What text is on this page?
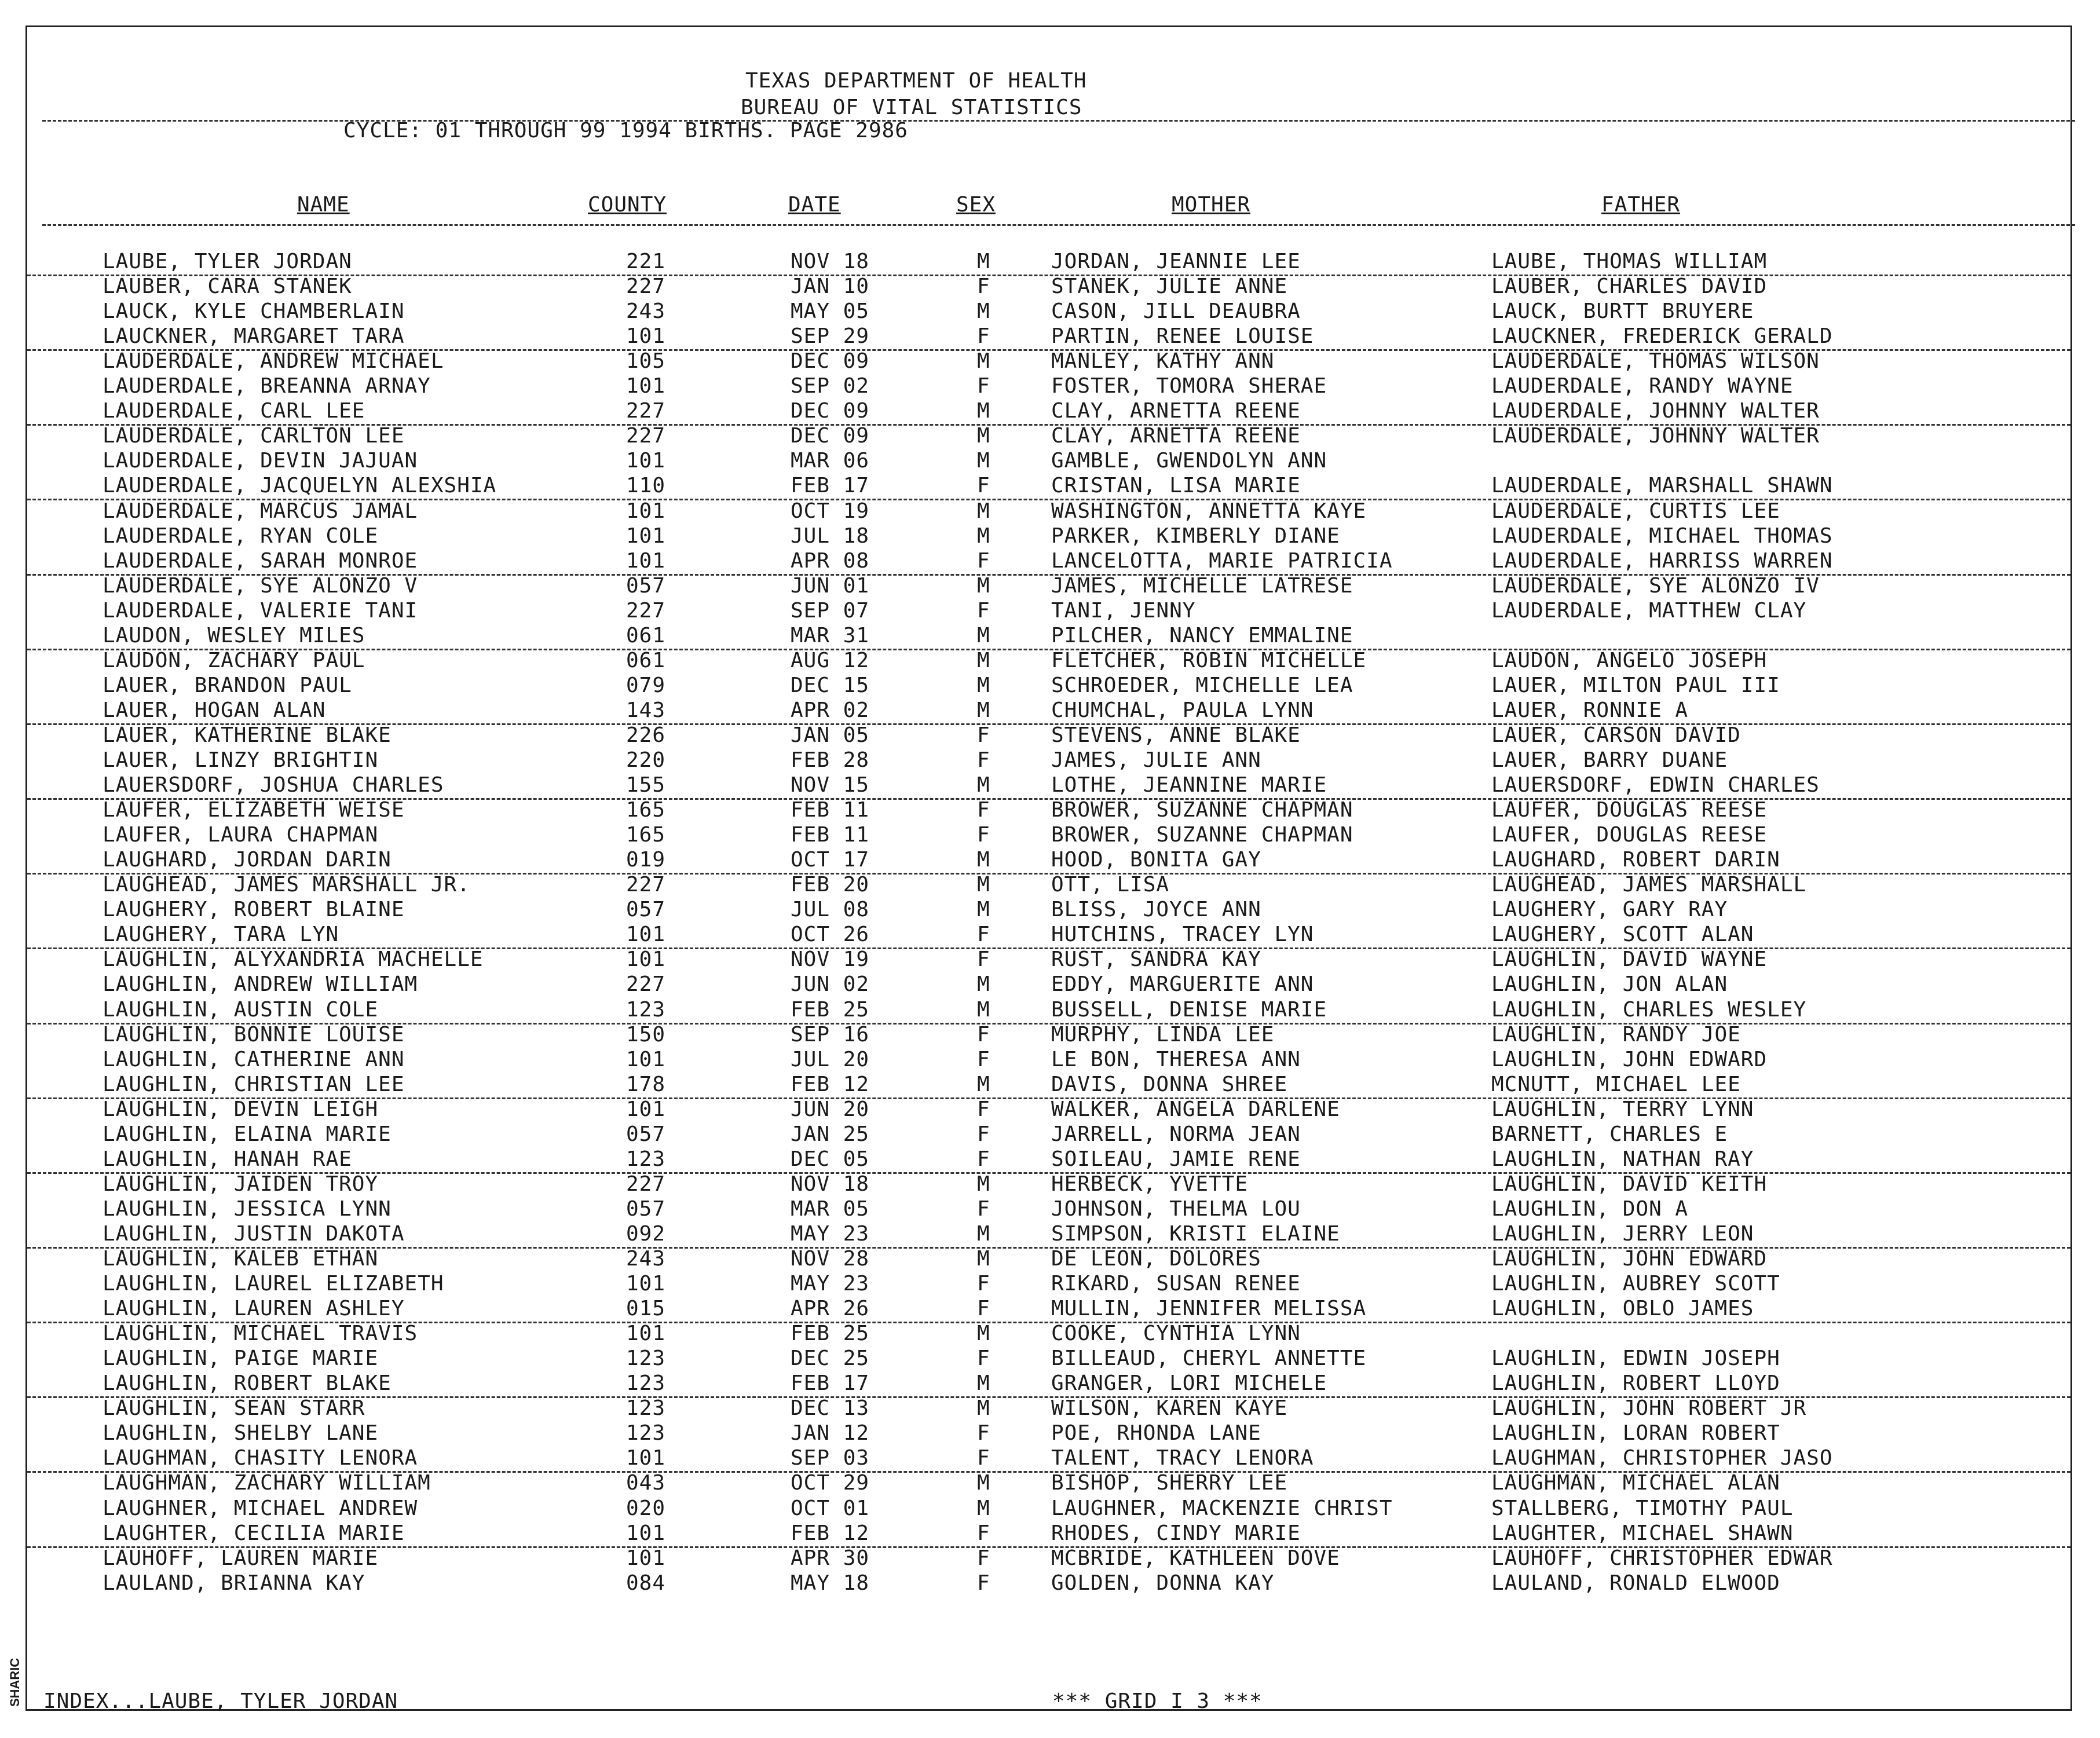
SHARIC
TEXAS DEPARTMENT OF HEALTH
BUREAU OF VITAL STATISTICS
CYCLE: 01 THROUGH 99 1994 BIRTHS. PAGE 2986
NAME	COUNTY	DATE	SEX	MOTHER	FATHER
LAUBE, TYLER JORDAN	221	NOV 18	M	JORDAN, JEANNIE LEE	LAUBE, THOMAS WILLIAM
LAUBER, CARA STANEK	227	JAN 10	F	STANEK, JULIE ANNE	LAUBER, CHARLES DAVID
LAUCK, KYLE CHAMBERLAIN	243	MAY 05	M	CASON, JILL DEAUBRA	LAUCK, BURTT BRUYERE
LAUCKNER, MARGARET TARA	101	SEP 29	F	PARTIN, RENEE LOUISE	LAUCKNER, FREDERICK GERALD
LAUDERDALE, ANDREW MICHAEL	105	DEC 09	M	MANLEY, KATHY ANN	LAUDERDALE, THOMAS WILSON
LAUDERDALE, BREANNA ARNAY	101	SEP 02	F	FOSTER, TOMORA SHERAE	LAUDERDALE, RANDY WAYNE
LAUDERDALE, CARL LEE	227	DEC 09	M	CLAY, ARNETTA REENE	LAUDERDALE, JOHNNY WALTER
LAUDERDALE, CARLTON LEE	227	DEC 09	M	CLAY, ARNETTA REENE	LAUDERDALE, JOHNNY WALTER
LAUDERDALE, DEVIN JAJUAN	101	MAR 06	M	GAMBLE, GWENDOLYN ANN
LAUDERDALE, JACQUELYN ALEXSHIA	110	FEB 17	F	CRISTAN, LISA MARIE	LAUDERDALE, MARSHALL SHAWN
LAUDERDALE, MARCUS JAMAL	101	OCT 19	M	WASHINGTON, ANNETTA KAYE	LAUDERDALE, CURTIS LEE
LAUDERDALE, RYAN COLE	101	JUL 18	M	PARKER, KIMBERLY DIANE	LAUDERDALE, MICHAEL THOMAS
LAUDERDALE, SARAH MONROE	101	APR 08	F	LANCELOTTA, MARIE PATRICIA	LAUDERDALE, HARRISS WARREN
LAUDERDALE, SYE ALONZO V	057	JUN 01	M	JAMES, MICHELLE LATRESE	LAUDERDALE, SYE ALONZO IV
LAUDERDALE, VALERIE TANI	227	SEP 07	F	TANI, JENNY	LAUDERDALE, MATTHEW CLAY
LAUDON, WESLEY MILES	061	MAR 31	M	PILCHER, NANCY EMMALINE
LAUDON, ZACHARY PAUL	061	AUG 12	M	FLETCHER, ROBIN MICHELLE	LAUDON, ANGELO JOSEPH
LAUER, BRANDON PAUL	079	DEC 15	M	SCHROEDER, MICHELLE LEA	LAUER, MILTON PAUL III
LAUER, HOGAN ALAN	143	APR 02	M	CHUMCHAL, PAULA LYNN	LAUER, RONNIE A
LAUER, KATHERINE BLAKE	226	JAN 05	F	STEVENS, ANNE BLAKE	LAUER, CARSON DAVID
LAUER, LINZY BRIGHTIN	220	FEB 28	F	JAMES, JULIE ANN	LAUER, BARRY DUANE
LAUERSDORF, JOSHUA CHARLES	155	NOV 15	M	LOTHE, JEANNINE MARIE	LAUERSDORF, EDWIN CHARLES
LAUFER, ELIZABETH WEISE	165	FEB 11	F	BROWER, SUZANNE CHAPMAN	LAUFER, DOUGLAS REESE
LAUFER, LAURA CHAPMAN	165	FEB 11	F	BROWER, SUZANNE CHAPMAN	LAUFER, DOUGLAS REESE
LAUGHARD, JORDAN DARIN	019	OCT 17	M	HOOD, BONITA GAY	LAUGHARD, ROBERT DARIN
LAUGHEAD, JAMES MARSHALL JR.	227	FEB 20	M	OTT, LISA	LAUGHEAD, JAMES MARSHALL
LAUGHERY, ROBERT BLAINE	057	JUL 08	M	BLISS, JOYCE ANN	LAUGHERY, GARY RAY
LAUGHERY, TARA LYN	101	OCT 26	F	HUTCHINS, TRACEY LYN	LAUGHERY, SCOTT ALAN
LAUGHLIN, ALYXANDRIA MACHELLE	101	NOV 19	F	RUST, SANDRA KAY	LAUGHLIN, DAVID WAYNE
LAUGHLIN, ANDREW WILLIAM	227	JUN 02	M	EDDY, MARGUERITE ANN	LAUGHLIN, JON ALAN
LAUGHLIN, AUSTIN COLE	123	FEB 25	M	BUSSELL, DENISE MARIE	LAUGHLIN, CHARLES WESLEY
LAUGHLIN, BONNIE LOUISE	150	SEP 16	F	MURPHY, LINDA LEE	LAUGHLIN, RANDY JOE
LAUGHLIN, CATHERINE ANN	101	JUL 20	F	LE BON, THERESA ANN	LAUGHLIN, JOHN EDWARD
LAUGHLIN, CHRISTIAN LEE	178	FEB 12	M	DAVIS, DONNA SHREE	MCNUTT, MICHAEL LEE
LAUGHLIN, DEVIN LEIGH	101	JUN 20	F	WALKER, ANGELA DARLENE	LAUGHLIN, TERRY LYNN
LAUGHLIN, ELAINA MARIE	057	JAN 25	F	JARRELL, NORMA JEAN	BARNETT, CHARLES E
LAUGHLIN, HANAH RAE	123	DEC 05	F	SOILEAU, JAMIE RENE	LAUGHLIN, NATHAN RAY
LAUGHLIN, JAIDEN TROY	227	NOV 18	M	HERBECK, YVETTE	LAUGHLIN, DAVID KEITH
LAUGHLIN, JESSICA LYNN	057	MAR 05	F	JOHNSON, THELMA LOU	LAUGHLIN, DON A
LAUGHLIN, JUSTIN DAKOTA	092	MAY 23	M	SIMPSON, KRISTI ELAINE	LAUGHLIN, JERRY LEON
LAUGHLIN, KALEB ETHAN	243	NOV 28	M	DE LEON, DOLORES	LAUGHLIN, JOHN EDWARD
LAUGHLIN, LAUREL ELIZABETH	101	MAY 23	F	RIKARD, SUSAN RENEE	LAUGHLIN, AUBREY SCOTT
LAUGHLIN, LAUREN ASHLEY	015	APR 26	F	MULLIN, JENNIFER MELISSA	LAUGHLIN, OBLO JAMES
LAUGHLIN, MICHAEL TRAVIS	101	FEB 25	M	COOKE, CYNTHIA LYNN
LAUGHLIN, PAIGE MARIE	123	DEC 25	F	BILLEAUD, CHERYL ANNETTE	LAUGHLIN, EDWIN JOSEPH
LAUGHLIN, ROBERT BLAKE	123	FEB 17	M	GRANGER, LORI MICHELE	LAUGHLIN, ROBERT LLOYD
LAUGHLIN, SEAN STARR	123	DEC 13	M	WILSON, KAREN KAYE	LAUGHLIN, JOHN ROBERT JR
LAUGHLIN, SHELBY LANE	123	JAN 12	F	POE, RHONDA LANE	LAUGHLIN, LORAN ROBERT
LAUGHMAN, CHASITY LENORA	101	SEP 03	F	TALENT, TRACY LENORA	LAUGHMAN, CHRISTOPHER JASO
LAUGHMAN, ZACHARY WILLIAM	043	OCT 29	M	BISHOP, SHERRY LEE	LAUGHMAN, MICHAEL ALAN
LAUGHNER, MICHAEL ANDREW	020	OCT 01	M	LAUGHNER, MACKENZIE CHRIST	STALLBERG, TIMOTHY PAUL
LAUGHTER, CECILIA MARIE	101	FEB 12	F	RHODES, CINDY MARIE	LAUGHTER, MICHAEL SHAWN
LAUHOFF, LAUREN MARIE	101	APR 30	F	MCBRIDE, KATHLEEN DOVE	LAUHOFF, CHRISTOPHER EDWAR
LAULAND, BRIANNA KAY	084	MAY 18	F	GOLDEN, DONNA KAY	LAULAND, RONALD ELWOOD
INDEX...LAUBE, TYLER JORDAN	*** GRID I 3 ***
